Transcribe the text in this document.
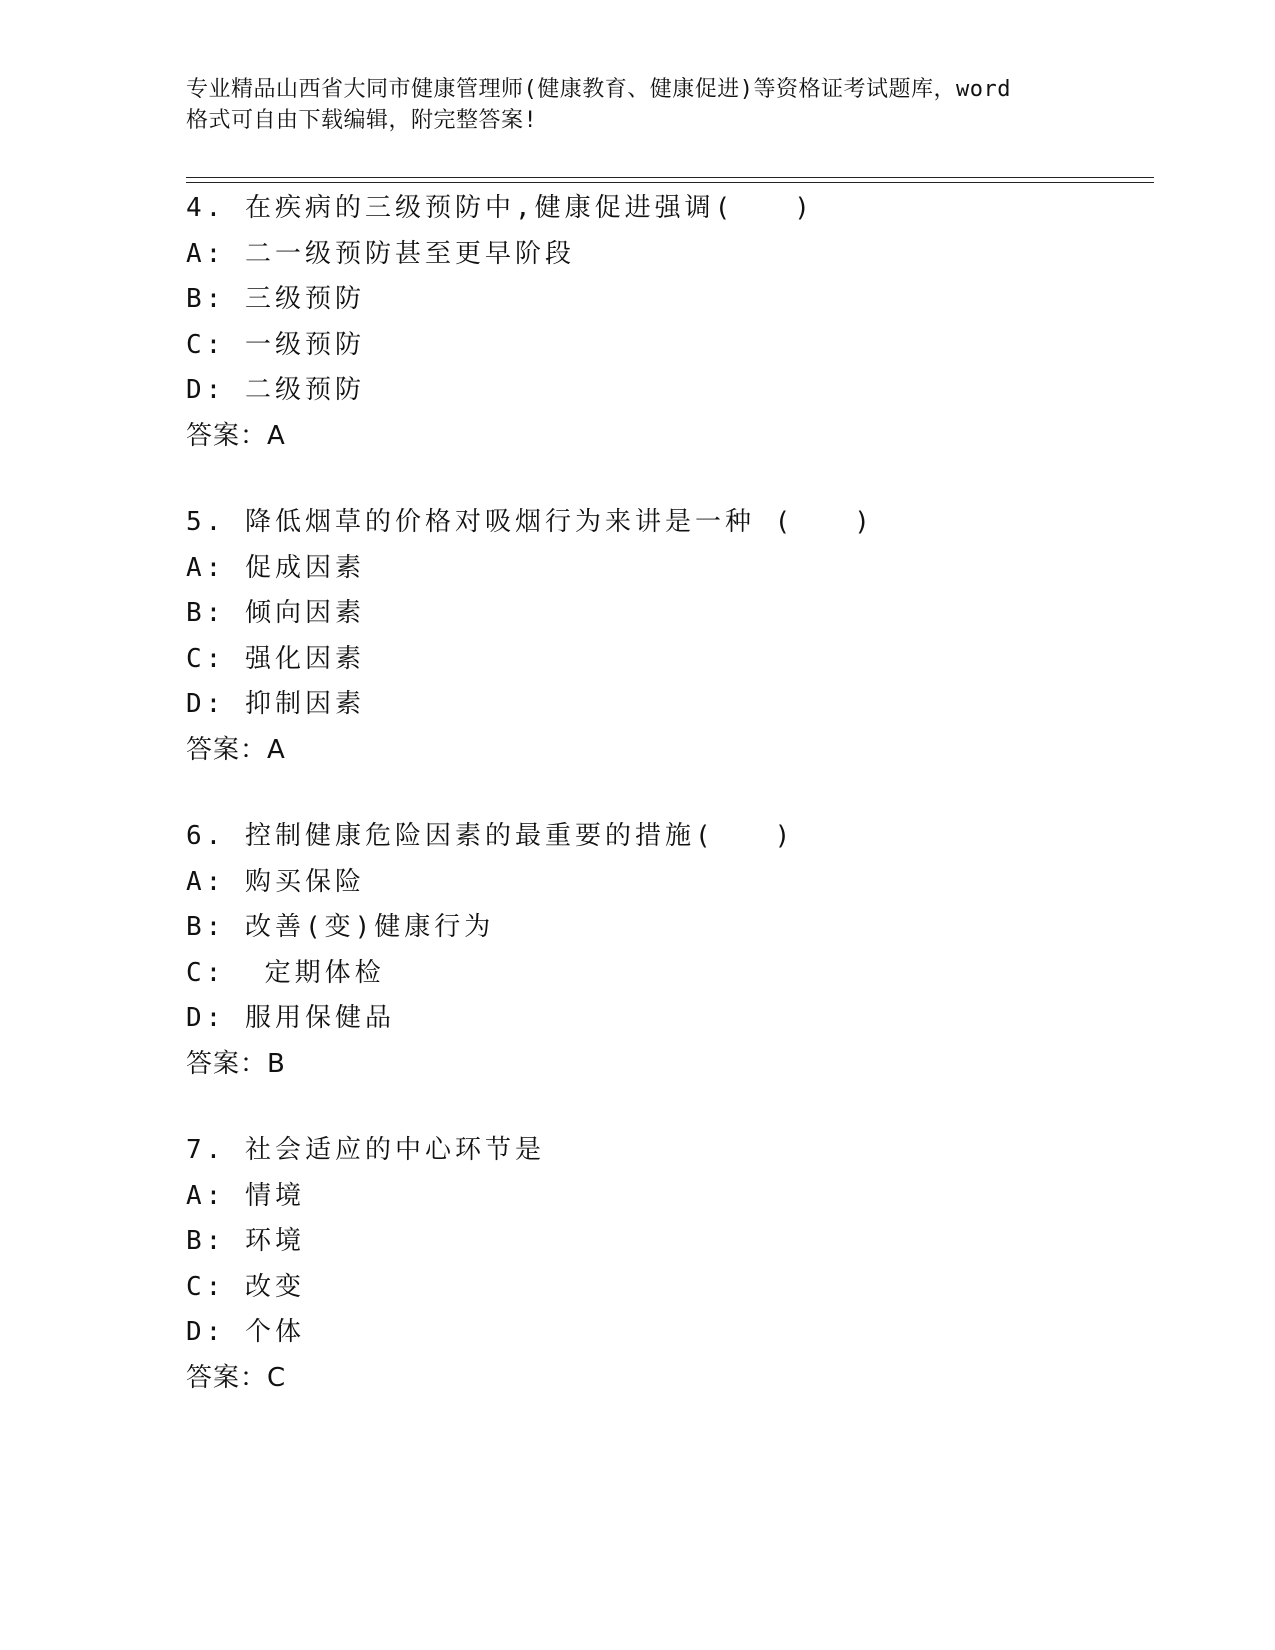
专业精品山西省大同市健康管理师(健康教育、健康促进)等资格证考试题库，word
格式可自由下载编辑，附完整答案!
4. 在疾病的三级预防中,健康促进强调(　　)
A: 二一级预防甚至更早阶段
B: 三级预防
C: 一级预防
D: 二级预防
答案：A
5. 降低烟草的价格对吸烟行为来讲是一种 (　　)
A: 促成因素
B: 倾向因素
C: 强化因素
D: 抑制因素
答案：A
6. 控制健康危险因素的最重要的措施(　　)
A: 购买保险
B: 改善(变)健康行为
C:  定期体检
D: 服用保健品
答案：B
7. 社会适应的中心环节是
A: 情境
B: 环境
C: 改变
D: 个体
答案：C
